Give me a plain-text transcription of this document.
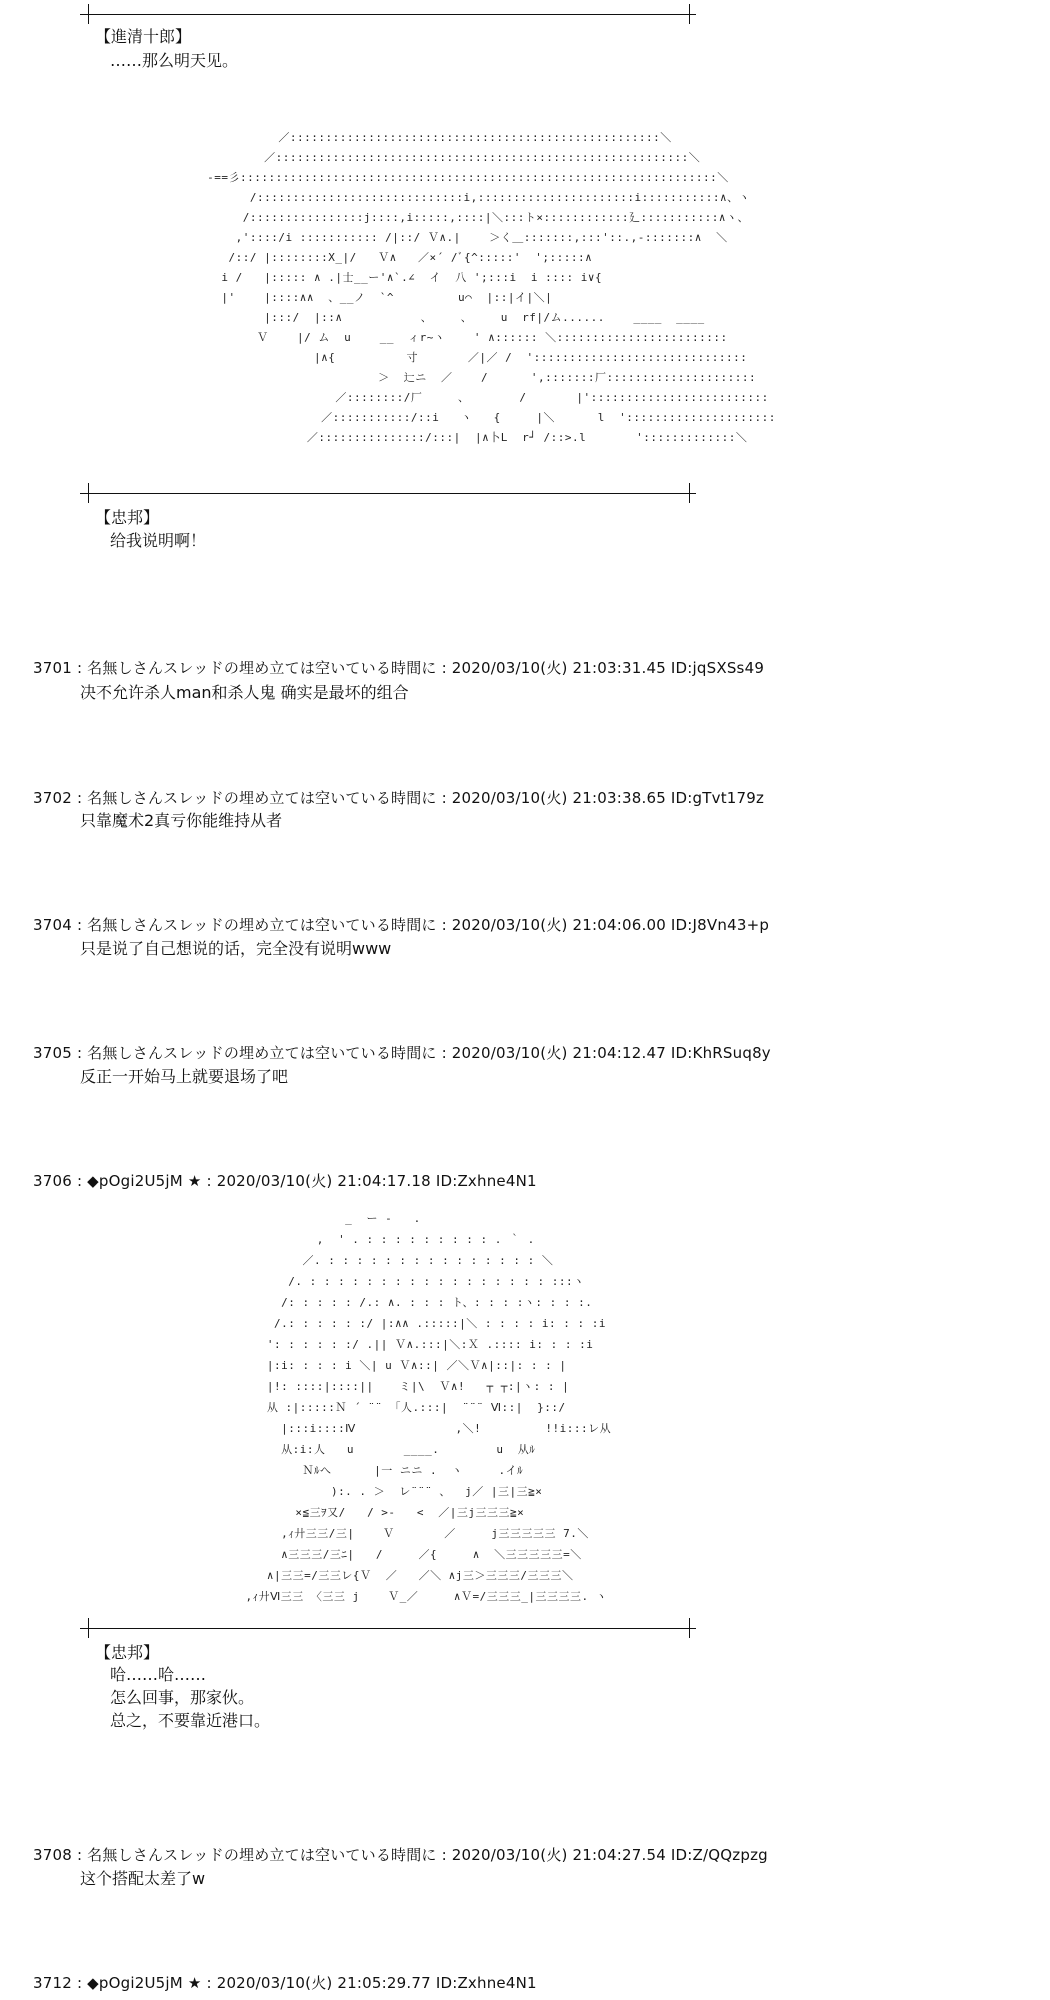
【進清十郎】
……那么明天见。
／::::::::::::::::::::::::::::::::::::::::::::::::::::＼
／::::::::::::::::::::::::::::::::::::::::::::::::::::::::::＼
-==彡:::::::::::::::::::::::::::::::::::::::::::::::::::::::::::::::::::＼
/:::::::::::::::::::::::::::::i,::::::::::::::::::::::i:::::::::::∧、ヽ
/::::::::::::::::j::::,i:::::,::::|＼:::ト×::::::::::::廴:::::::::::∧ヽ、
,'::::/i ::::::::::: /|::/ Ｖ∧.|    ＞く＿:::::::,:::'::.,-:::::::∧  ＼
/::/ |::::::::X_|/   Ｖ∧   ／×´ /ﾞ{^:::::'  ';:::::∧
i /   |::::: ∧ .|士__ー'∧`.∠  イ  八 ';:::i  i :::: i∨{
|'    |::::∧∧  、__ノ  `^         u⌒  |::|イ|＼|
|:::/  |::∧           、    、    u  rf|/ム......    ____  ____
Ｖ    |/ ム  u    __  ィr~ヽ    ' ∧:::::: ＼::::::::::::::::::::::::
|∧{          寸       ／|／ /  '::::::::::::::::::::::::::::::
＞  辷ニ  ／    /      ',:::::::厂:::::::::::::::::::::
／::::::::/厂     、       /       |':::::::::::::::::::::::::
／:::::::::::/::i   ヽ   {     |＼      l  ':::::::::::::::::::::
／:::::::::::::::/:::|  |∧卜L  r┘ /::>.l       ':::::::::::::＼
【忠邦】
给我说明啊！
3701 : 名無しさんスレッドの埋め立ては空いている時間に : 2020/03/10(火) 21:03:31.45 ID:jqSXSs49
决不允许杀人man和杀人鬼 确实是最坏的组合
3702 : 名無しさんスレッドの埋め立ては空いている時間に : 2020/03/10(火) 21:03:38.65 ID:gTvt179z
只靠魔术2真亏你能维持从者
3704 : 名無しさんスレッドの埋め立ては空いている時間に : 2020/03/10(火) 21:04:06.00 ID:J8Vn43+p
只是说了自己想说的话，完全没有说明www
3705 : 名無しさんスレッドの埋め立ては空いている時間に : 2020/03/10(火) 21:04:12.47 ID:KhRSuq8y
反正一开始马上就要退场了吧
3706 : ◆pOgi2U5jM ★ : 2020/03/10(火) 21:04:17.18 ID:Zxhne4N1
_  ー ‐   .
,  ' . : : : : : : : : : . ｀ .
／. : : : : : : : : : : : : : : : ＼
/. : : : : : : : : : : : : : : : : : :::ヽ
/: : : : : /.: ∧. : : : ト、: : : :ヽ: : : :.
/.: : : : : :/ |:∧∧ .:::::|＼ : : : : i: : : :i
': : : : : :/ .|| Ｖ∧.:::|＼:Ｘ .:::: i: : : :i
|:i: : : : i ＼| u Ｖ∧::| ／＼Ｖ∧|::|: : : |
|!: ::::|::::|| 　 ミ|\  Ｖ∧!   ┬ ┬:|ヽ: : |
从 :|:::::Ｎ ´ ¨¨ 「人.:::|  ¨¨¨ Ⅵ::|  }::/
|:::i::::Ⅳ              ,＼!         !!i:::レ从
从:i:人   u       ____.        u  从ﾙ
Ｎﾙへ      |一 ニニ .  ヽ     .イﾙ
):. . ＞  レ¨¨¨ 、  j／ |三|三≧×
×≦三ｦ又/   / >-   <  ／|三j三三三≧×
,ｨ廾三三/三|    Ｖ       ／     j三三三三三 7.＼
∧三三三/三ﾆ|   /     ／{     ∧  ＼三三三三三=＼
∧|三三=/三三レ{Ｖ  ／   ／＼ ∧j三＞三三三/三三三＼
,ｨ廾Ⅵ三三 〈三三 j    Ｖ_／     ∧Ｖ=/三三三_|三三三三. ヽ
【忠邦】
哈……哈……
怎么回事，那家伙。
总之，不要靠近港口。
3708 : 名無しさんスレッドの埋め立ては空いている時間に : 2020/03/10(火) 21:04:27.54 ID:Z/QQzpzg
这个搭配太差了w
3712 : ◆pOgi2U5jM ★ : 2020/03/10(火) 21:05:29.77 ID:Zxhne4N1
